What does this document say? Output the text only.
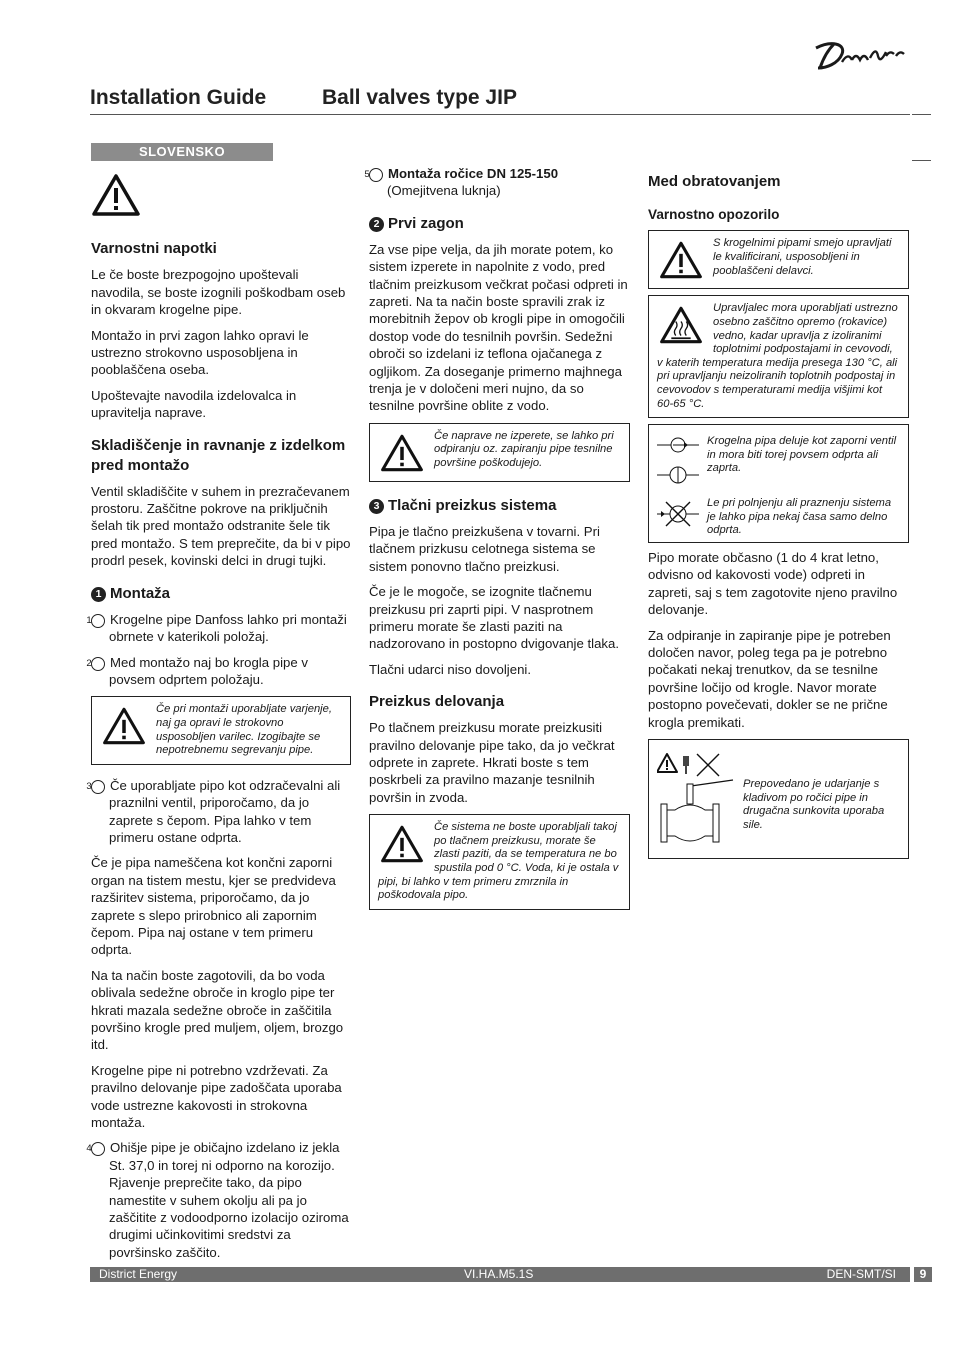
Installation Guide	Ball valves type JIP
SLOVENSKO
Varnostni napotki

Le če boste brezpogojno upoštevali navodila, se boste izognili poškodbam oseb in okvaram krogelne pipe.

Montažo in prvi zagon lahko opravi le ustrezno strokovno usposobljena in pooblaščena oseba.

Upoštevajte navodila izdelovalca in upravitelja naprave.

Skladiščenje in ravnanje z izdelkom pred montažo

Ventil skladiščite v suhem in prezračevanem prostoru. Zaščitne pokrove na priključnih šelah tik pred montažo odstranite šele tik pred montažo. S tem preprečite, da bi v pipo prodrl pesek, kovinski delci in drugi tujki.

1 Montaža
1 Krogelne pipe Danfoss lahko pri montaži obrnete v katerikoli položaj.
2 Med montažo naj bo krogla pipe v povsem odprtem položaju.
Če pri montaži uporabljate varjenje, naj ga opravi le strokovno usposobljen varilec. Izogibajte se nepotrebnemu segrevanju pipe.
3 Če uporabljate pipo kot odzračevalni ali praznilni ventil, priporočamo, da jo zaprete s čepom. Pipa lahko v tem primeru ostane odprta.

Če je pipa nameščena kot končni zaporni organ na tistem mestu, kjer se predvideva razširitev sistema, priporočamo, da jo zaprete s slepo prirobnico ali zapornim čepom. Pipa naj ostane v tem primeru odprta.

Na ta način boste zagotovili, da bo voda oblivala sedežne obroče in kroglo pipe ter hkrati mazala sedežne obroče in zaščitila površino krogle pred muljem, oljem, brozgo itd.

Krogelne pipe ni potrebno vzdrževati. Za pravilno delovanje pipe zadoščata uporaba vode ustrezne kakovosti in strokovna montaža.

4 Ohišje pipe je običajno izdelano iz jekla St. 37,0 in torej ni odporno na korozijo. Rjavenje preprečite tako, da pipo namestite v suhem okolju ali pa jo zaščitite z vodoodporno izolacijo oziroma drugimi učinkovitimi sredstvi za površinsko zaščito.
5 Montaža ročice DN 125-150
(Omejitvena luknja)
2 Prvi zagon

Za vse pipe velja, da jih morate potem, ko sistem izperete in napolnite z vodo, pred tlačnim preizkusom večkrat počasi odpreti in zapreti. Na ta način boste spravili zrak iz morebitnih žepov ob krogli pipe in omogočili dostop vode do tesnilnih površin. Sedežni obroči so izdelani iz teflona ojačanega z ogljikom. Za doseganje primerno majhnega trenja je v določeni meri nujno, da so tesnilne površine oblite z vodo.

Če naprave ne izperete, se lahko pri odpiranju oz. zapiranju pipe tesnilne površine poškodujejo.
3 Tlačni preizkus sistema

Pipa je tlačno preizkušena v tovarni. Pri tlačnem prizkusu celotnega sistema se sistem ponovno tlačno preizkusi.

Če je le mogoče, se izognite tlačnemu preizkusu pri zaprti pipi. V nasprotnem primeru morate še zlasti paziti na nadzorovano in postopno dvigovanje tlaka.

Tlačni udarci niso dovoljeni.

Preizkus delovanja

Po tlačnem preizkusu morate preizkusiti pravilno delovanje pipe tako, da jo večkrat odprete in zaprete. Hkrati boste s tem poskrbeli za pravilno mazanje tesnilnih površin in zvoda.

Če sistema ne boste uporabljali takoj po tlačnem preizkusu, morate še zlasti paziti, da se temperatura ne bo spustila pod 0 °C. Voda, ki je ostala v pipi, bi lahko v tem primeru zmrznila in poškodovala pipo.
Med obratovanjem
Varnostno opozorilo
S krogelnimi pipami smejo upravljati le kvalificirani, usposobljeni in pooblaščeni delavci.
Upravljalec mora uporabljati ustrezno osebno zaščitno opremo (rokavice) vedno, kadar upravlja z izoliranimi toplotnimi podpostajami in cevovodi, v katerih temperatura medija presega 130 °C, ali pri upravljanju neizoliranih toplotnih podpostaj in cevovodov s temperaturami medija višjimi kot 60-65 °C.
Krogelna pipa deluje kot zaporni ventil in mora biti torej povsem odprta ali zaprta.
Le pri polnjenju ali praznenju sistema je lahko pipa nekaj časa samo delno odprta.

Pipo morate občasno (1 do 4 krat letno, odvisno od kakovosti vode) odpreti in zapreti, saj s tem zagotovite njeno pravilno delovanje.

Za odpiranje in zapiranje pipe je potreben določen navor, poleg tega pa je potrebno počakati nekaj trenutkov, da se tesnilne površine ločijo od krogle. Navor morate postopno povečevati, dokler se ne prične krogla premikati.

Prepovedano je udarjanje s kladivom po ročici pipe in drugačna sunkovita uporaba sile.
District Energy	VI.HA.M5.1S	DEN-SMT/SI	9
